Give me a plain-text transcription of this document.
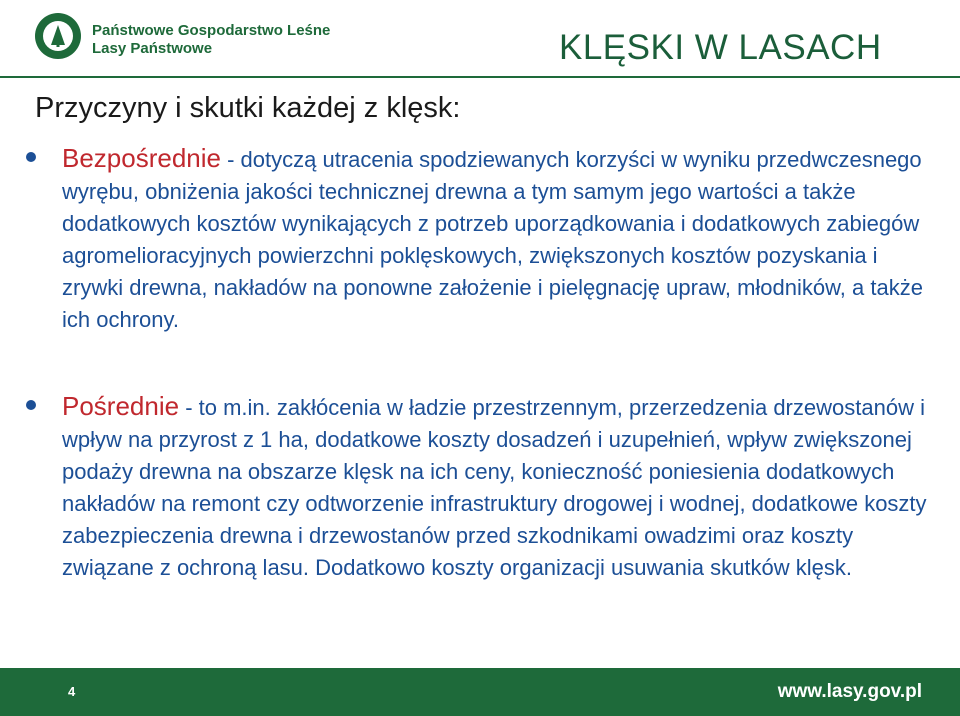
Państwowe Gospodarstwo Leśne
Lasy Państwowe	KLĘSKI W LASACH
Przyczyny i skutki każdej z klęsk:
Bezpośrednie - dotyczą utracenia spodziewanych korzyści w wyniku przedwczesnego wyrębu, obniżenia jakości technicznej drewna a tym samym jego wartości a także dodatkowych kosztów wynikających z potrzeb uporządkowania i dodatkowych zabiegów agromelioracyjnych powierzchni poklęskowych, zwiększonych kosztów pozyskania i zrywki drewna, nakładów na ponowne założenie i pielęgnację upraw, młodników, a także ich ochrony.
Pośrednie - to m.in. zakłócenia w ładzie przestrzennym, przerzedzenia drzewostanów i wpływ na przyrost z 1 ha, dodatkowe koszty dosadzeń i uzupełnień, wpływ zwiększonej podaży drewna na obszarze klęsk na ich ceny, konieczność poniesienia dodatkowych nakładów na remont czy odtworzenie infrastruktury drogowej i wodnej, dodatkowe koszty zabezpieczenia drewna i drzewostanów przed szkodnikami owadzimi oraz koszty związane z ochroną lasu. Dodatkowo koszty organizacji usuwania skutków klęsk.
4	www.lasy.gov.pl
